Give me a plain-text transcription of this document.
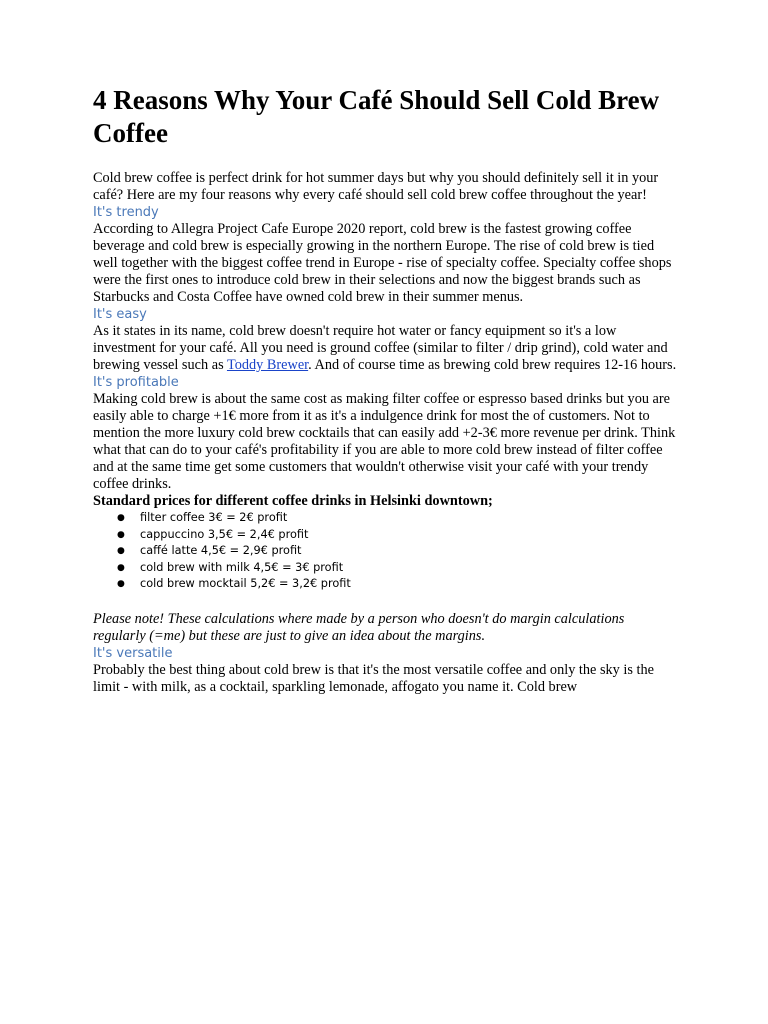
4 Reasons Why Your Café Should Sell Cold Brew Coffee

Cold brew coffee is perfect drink for hot summer days but why you should definitely sell it in your café? Here are my four reasons why every café should sell cold brew coffee throughout the year!

It's trendy

According to Allegra Project Cafe Europe 2020 report, cold brew is the fastest growing coffee beverage and cold brew is especially growing in the northern Europe. The rise of cold brew is tied well together with the biggest coffee trend in Europe - rise of specialty coffee. Specialty coffee shops were the first ones to introduce cold brew in their selections and now the biggest brands such as Starbucks and Costa Coffee have owned cold brew in their summer menus.

It's easy

As it states in its name, cold brew doesn't require hot water or fancy equipment so it's a low investment for your café. All you need is ground coffee (similar to filter / drip grind), cold water and brewing vessel such as Toddy Brewer. And of course time as brewing cold brew requires 12-16 hours.

It's profitable

Making cold brew is about the same cost as making filter coffee or espresso based drinks but you are easily able to charge +1€ more from it as it's a indulgence drink for most the of customers. Not to mention the more luxury cold brew cocktails that can easily add +2-3€ more revenue per drink. Think what that can do to your café's profitability if you are able to more cold brew instead of filter coffee and at the same time get some customers that wouldn't otherwise visit your café with your trendy coffee drinks.

Standard prices for different coffee drinks in Helsinki downtown;

● filter coffee 3€ = 2€ profit
● cappuccino 3,5€ = 2,4€ profit
● caffé latte 4,5€ = 2,9€ profit
● cold brew with milk 4,5€ = 3€ profit
● cold brew mocktail 5,2€ = 3,2€ profit

Please note! These calculations where made by a person who doesn't do margin calculations regularly (=me) but these are just to give an idea about the margins.

It's versatile

Probably the best thing about cold brew is that it's the most versatile coffee and only the sky is the limit - with milk, as a cocktail, sparkling lemonade, affogato you name it. Cold brew
